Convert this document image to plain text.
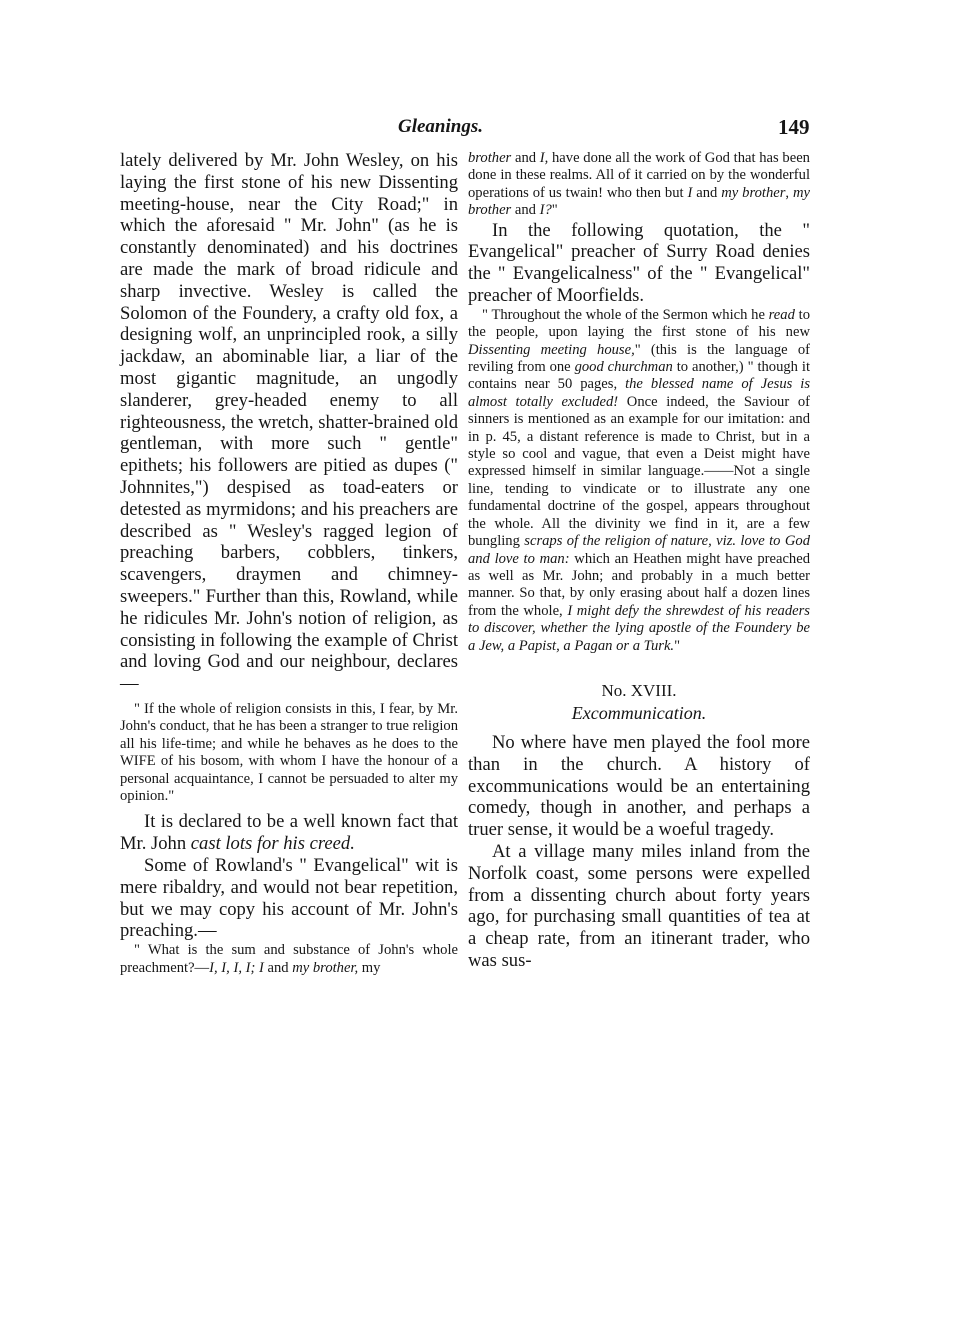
Gleanings.	149

lately delivered by Mr. John Wesley, on his laying the first stone of his new Dissenting meeting-house, near the City Road;" in which the aforesaid " Mr. John" (as he is constantly denominated) and his doctrines are made the mark of broad ridicule and sharp invective. Wesley is called the Solomon of the Foundery, a crafty old fox, a designing wolf, an unprincipled rook, a silly jackdaw, an abominable liar, a liar of the most gigantic magnitude, an ungodly slanderer, grey-headed enemy to all righteousness, the wretch, shatter-brained old gentleman, with more such " gentle" epithets; his followers are pitied as dupes (" Johnnites,") despised as toad-eaters or detested as myrmidons; and his preachers are described as " Wesley's ragged legion of preaching barbers, cobblers, tinkers, scavengers, draymen and chimney-sweepers." Further than this, Rowland, while he ridicules Mr. John's notion of religion, as consisting in following the example of Christ and loving God and our neighbour, declares—

" If the whole of religion consists in this, I fear, by Mr. John's conduct, that he has been a stranger to true religion all his life-time; and while he behaves as he does to the WIFE of his bosom, with whom I have the honour of a personal acquaintance, I cannot be persuaded to alter my opinion."

It is declared to be a well known fact that Mr. John cast lots for his creed.

Some of Rowland's " Evangelical" wit is mere ribaldry, and would not bear repetition, but we may copy his account of Mr. John's preaching.—

" What is the sum and substance of John's whole preachment?—I, I, I, I; I and my brother, my

brother and I, have done all the work of God that has been done in these realms. All of it carried on by the wonderful operations of us twain! who then but I and my brother, my brother and I?"

In the following quotation, the " Evangelical" preacher of Surry Road denies the " Evangelicalness" of the " Evangelical" preacher of Moorfields.

" Throughout the whole of the Sermon which he read to the people, upon laying the first stone of his new Dissenting meeting house," (this is the language of reviling from one good churchman to another,) " though it contains near 50 pages, the blessed name of Jesus is almost totally excluded! Once indeed, the Saviour of sinners is mentioned as an example for our imitation: and in p. 45, a distant reference is made to Christ, but in a style so cool and vague, that even a Deist might have expressed himself in similar language.——Not a single line, tending to vindicate or to illustrate any one fundamental doctrine of the gospel, appears throughout the whole. All the divinity we find in it, are a few bungling scraps of the religion of nature, viz. love to God and love to man: which an Heathen might have preached as well as Mr. John; and probably in a much better manner. So that, by only erasing about half a dozen lines from the whole, I might defy the shrewdest of his readers to discover, whether the lying apostle of the Foundery be a Jew, a Papist, a Pagan or a Turk."

No. XVIII.

Excommunication.

No where have men played the fool more than in the church. A history of excommunications would be an entertaining comedy, though in another, and perhaps a truer sense, it would be a woeful tragedy.

At a village many miles inland from the Norfolk coast, some persons were expelled from a dissenting church about forty years ago, for purchasing small quantities of tea at a cheap rate, from an itinerant trader, who was sus-
